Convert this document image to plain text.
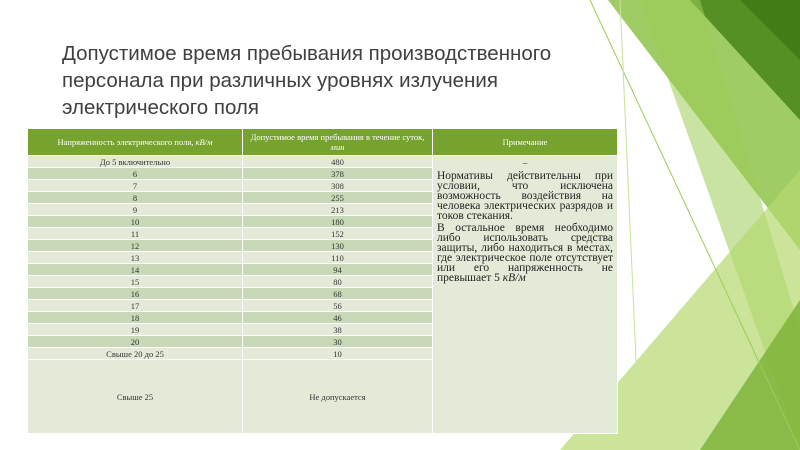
Допустимое время пребывания производственного
персонала при различных уровнях излучения
электрического поля
Напряженность электрического поля, кВ/м	Допустимое время пребывания в течение суток, мин	Примечание
До 5 включительно	480	–

Нормативы действительны при условии, что исключена возможность воздействия на человека электрических разрядов и токов стекания.

В остальное время необходимо либо использовать средства защиты, либо находиться в местах, где электрическое поле отсутствует или его напряженность не превышает 5 кВ/м

6	378	
7	308	
8	255	
9	213	
10	180	
11	152	
12	130	
13	110	
14	94	
15	80	
16	68	
17	56	
18	46	
19	38	
20	30	
Свыше 20 до 25	10	
Свыше 25	Не допускается	
